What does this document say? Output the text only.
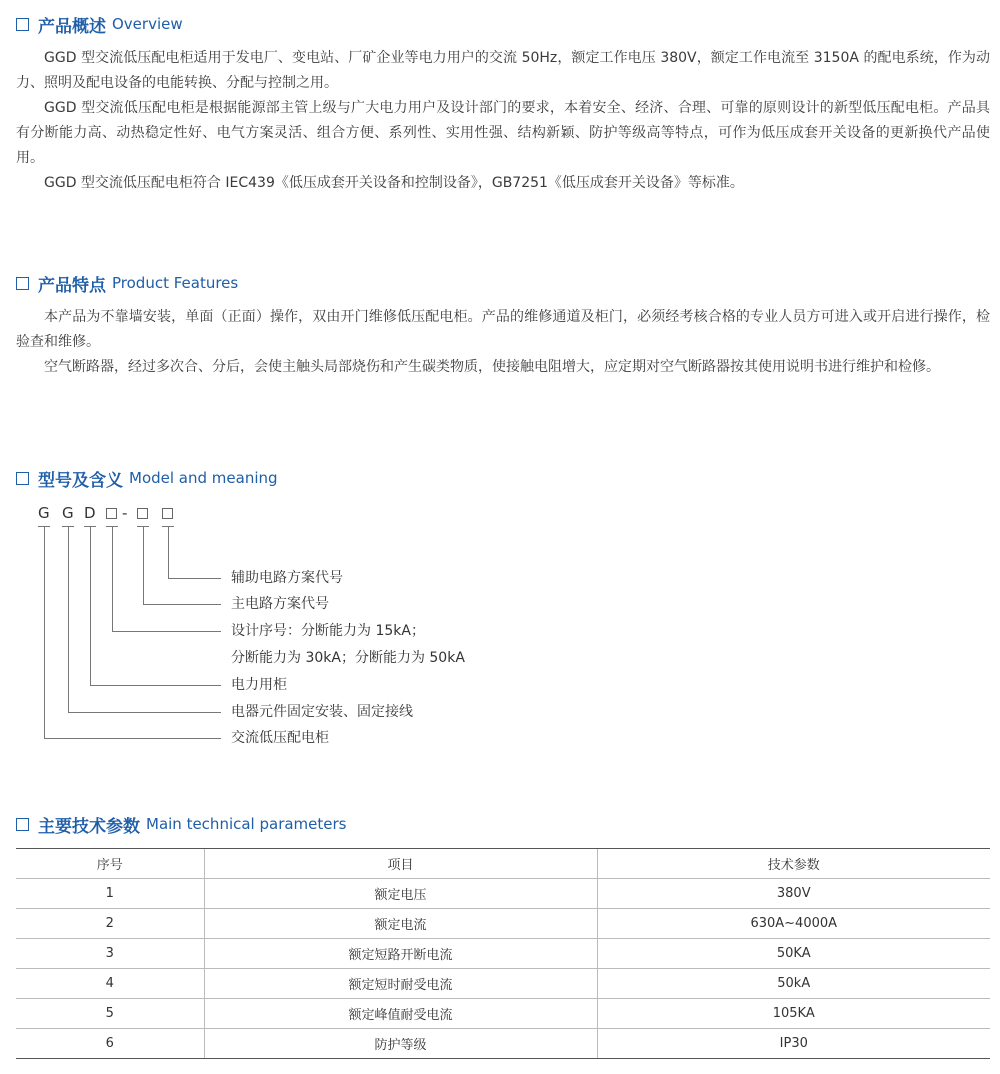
产品概述 Overview

GGD 型交流低压配电柜适用于发电厂、变电站、厂矿企业等电力用户的交流 50Hz，额定工作电压 380V，额定工作电流至 3150A 的配电系统，作为动力、照明及配电设备的电能转换、分配与控制之用。

GGD 型交流低压配电柜是根据能源部主管上级与广大电力用户及设计部门的要求，本着安全、经济、合理、可靠的原则设计的新型低压配电柜。产品具有分断能力高、动热稳定性好、电气方案灵活、组合方便、系列性、实用性强、结构新颖、防护等级高等特点，可作为低压成套开关设备的更新换代产品使用。

GGD 型交流低压配电柜符合 IEC439《低压成套开关设备和控制设备》，GB7251《低压成套开关设备》等标准。

产品特点 Product Features

本产品为不靠墙安装，单面（正面）操作，双由开门维修低压配电柜。产品的维修通道及柜门，必须经考核合格的专业人员方可进入或开启进行操作，检验查和维修。

空气断路器，经过多次合、分后，会使主触头局部烧伤和产生碳类物质，使接触电阻增大，应定期对空气断路器按其使用说明书进行维护和检修。

型号及含义 Model and meaning
G G D -
辅助电路方案代号
主电路方案代号
设计序号：分断能力为 15kA；
分断能力为 30kA；分断能力为 50kA
电力用柜
电器元件固定安装、固定接线
交流低压配电柜
主要技术参数 Main technical parameters
序号	项目	技术参数
1	额定电压	380V
2	额定电流	630A~4000A
3	额定短路开断电流	50KA
4	额定短时耐受电流	50kA
5	额定峰值耐受电流	105KA
6	防护等级	IP30
